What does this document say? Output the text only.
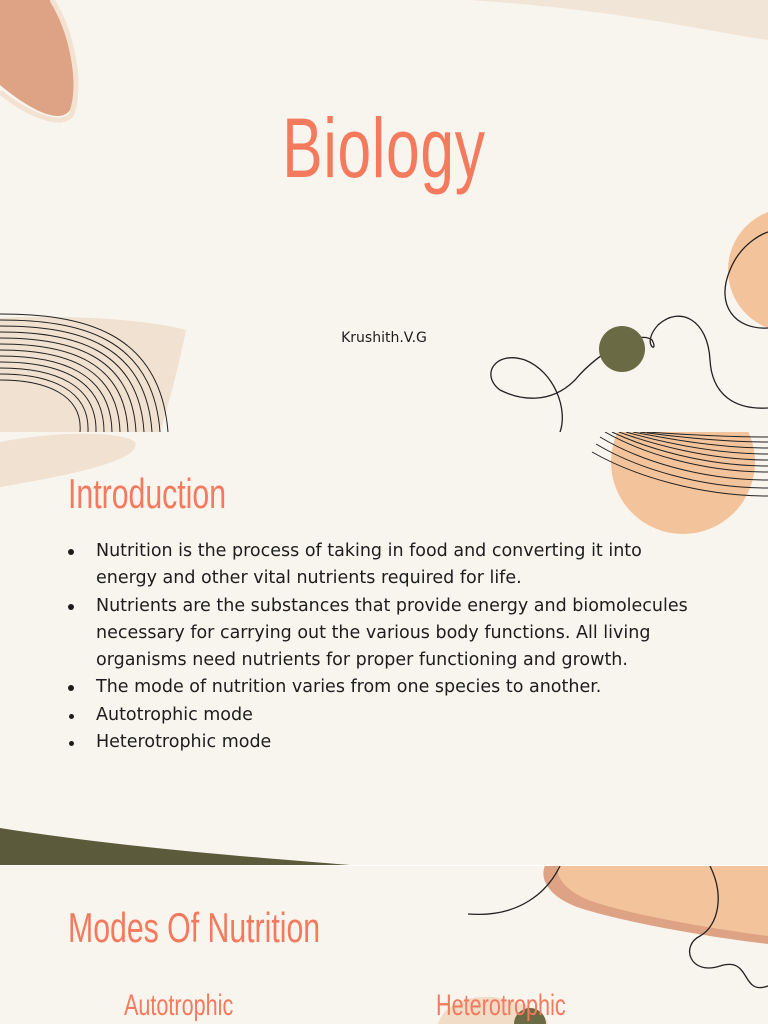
Biology
Krushith.V.G
Introduction
Nutrition is the process of taking in food and converting it into energy and other vital nutrients required for life.
Nutrients are the substances that provide energy and biomolecules necessary for carrying out the various body functions. All living organisms need nutrients for proper functioning and growth.
The mode of nutrition varies from one species to another.
Autotrophic mode
Heterotrophic mode
Modes Of Nutrition
Autotrophic	Heterotrophic
